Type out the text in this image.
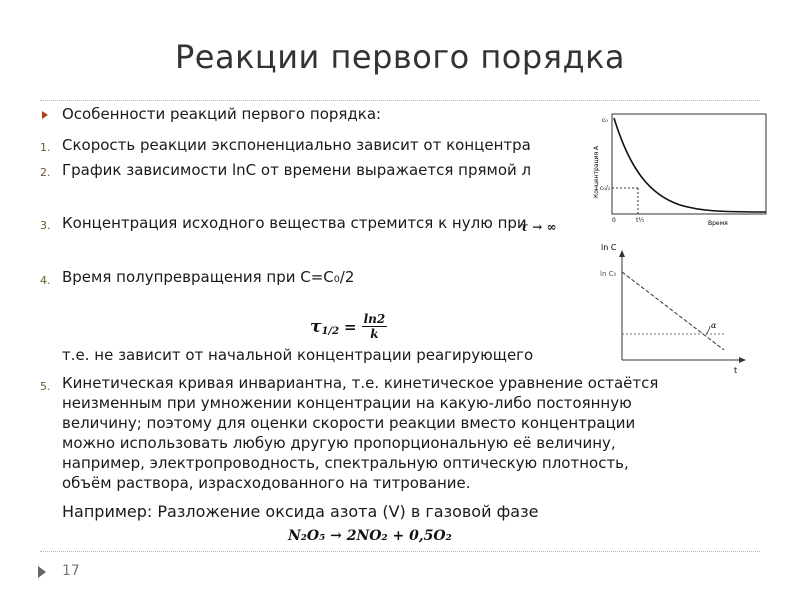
Реакции первого порядка
Особенности реакций первого порядка:
1. Скорость реакции экспоненциально зависит от концентра
2. График зависимости lnC от времени выражается прямой л
3. Концентрация исходного вещества стремится к нулю при
τ → ∞
4. Время полупревращения при С=С₀/2
τ $1/2 = \frac{\ln 2}{k}$
т.е. не зависит от начальной концентрации реагирующего
5. Кинетическая кривая инвариантна, т.е. кинетическое уравнение остаётся
неизменным при умножении концентрации на какую-либо постоянную
величину; поэтому для оценки скорости реакции вместо концентрации
можно использовать любую другую пропорциональную её величину,
например, электропроводность, спектральную оптическую плотность,
объём раствора, израсходованного на титрование.
Например: Разложение оксида азота (V) в газовой фазе
N₂O₅ → 2NO₂ + 0,5O₂
c₀
c₀/₂
0	t½	Время
Концентрация А
ln C
ln C₀
t
α
17
